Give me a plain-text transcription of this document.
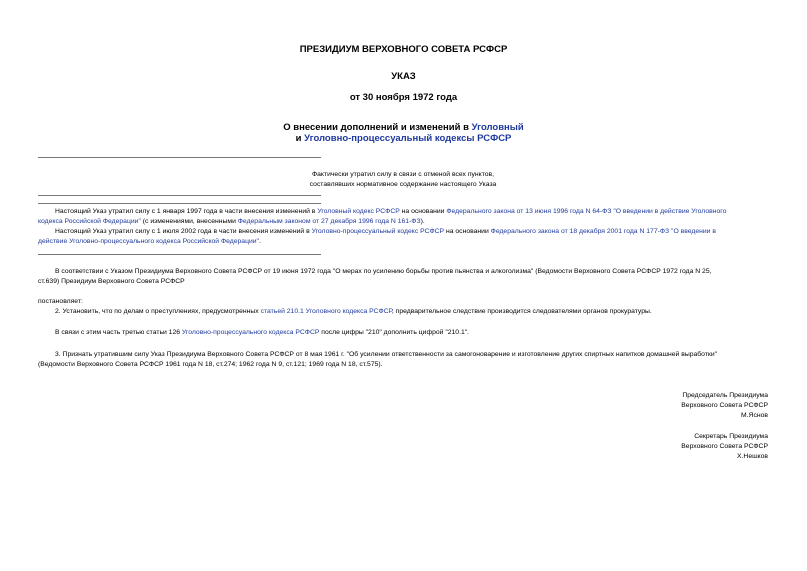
ПРЕЗИДИУМ ВЕРХОВНОГО СОВЕТА РСФСР
УКАЗ
от 30 ноября 1972 года
О внесении дополнений и изменений в Уголовный
и Уголовно-процессуальный кодексы РСФСР
Фактически утратил силу в связи с отменой всех пунктов,
составлявших нормативное содержание настоящего Указа
Настоящий Указ утратил силу с 1 января 1997 года в части внесения изменений в Уголовный кодекс РСФСР на основании Федерального закона от 13 июня 1996 года N 64-ФЗ "О введении в действие Уголовного
кодекса Российской Федерации" (с изменениями, внесенными Федеральным законом от 27 декабря 1996 года N 161-ФЗ).
Настоящий Указ утратил силу с 1 июля 2002 года в части внесения изменений в Уголовно-процессуальный кодекс РСФСР на основании Федерального закона от 18 декабря 2001 года N 177-ФЗ "О введении в
действие Уголовно-процессуального кодекса Российской Федерации".
В соответствии с Указом Президиума Верховного Совета РСФСР от 19 июня 1972 года "О мерах по усилению борьбы против пьянства и алкоголизма" (Ведомости Верховного Совета РСФСР 1972 года N 25,
ст.639) Президиум Верховного Совета РСФСР
постановляет:
2. Установить, что по делам о преступлениях, предусмотренных статьей 210.1 Уголовного кодекса РСФСР, предварительное следствие производится следователями органов прокуратуры.
В связи с этим часть третью статьи 126 Уголовно-процессуального кодекса РСФСР после цифры "210" дополнить цифрой "210.1".
3. Признать утратившим силу Указ Президиума Верховного Совета РСФСР от 8 мая 1961 г. "Об усилении ответственности за самогоноварение и изготовление других спиртных напитков домашней выработки"
(Ведомости Верховного Совета РСФСР 1961 года N 18, ст.274; 1962 года N 9, ст.121; 1969 года N 18, ст.575).
Председатель Президиума
Верховного Совета РСФСР
М.Яснов
Секретарь Президиума
Верховного Совета РСФСР
Х.Нешков
